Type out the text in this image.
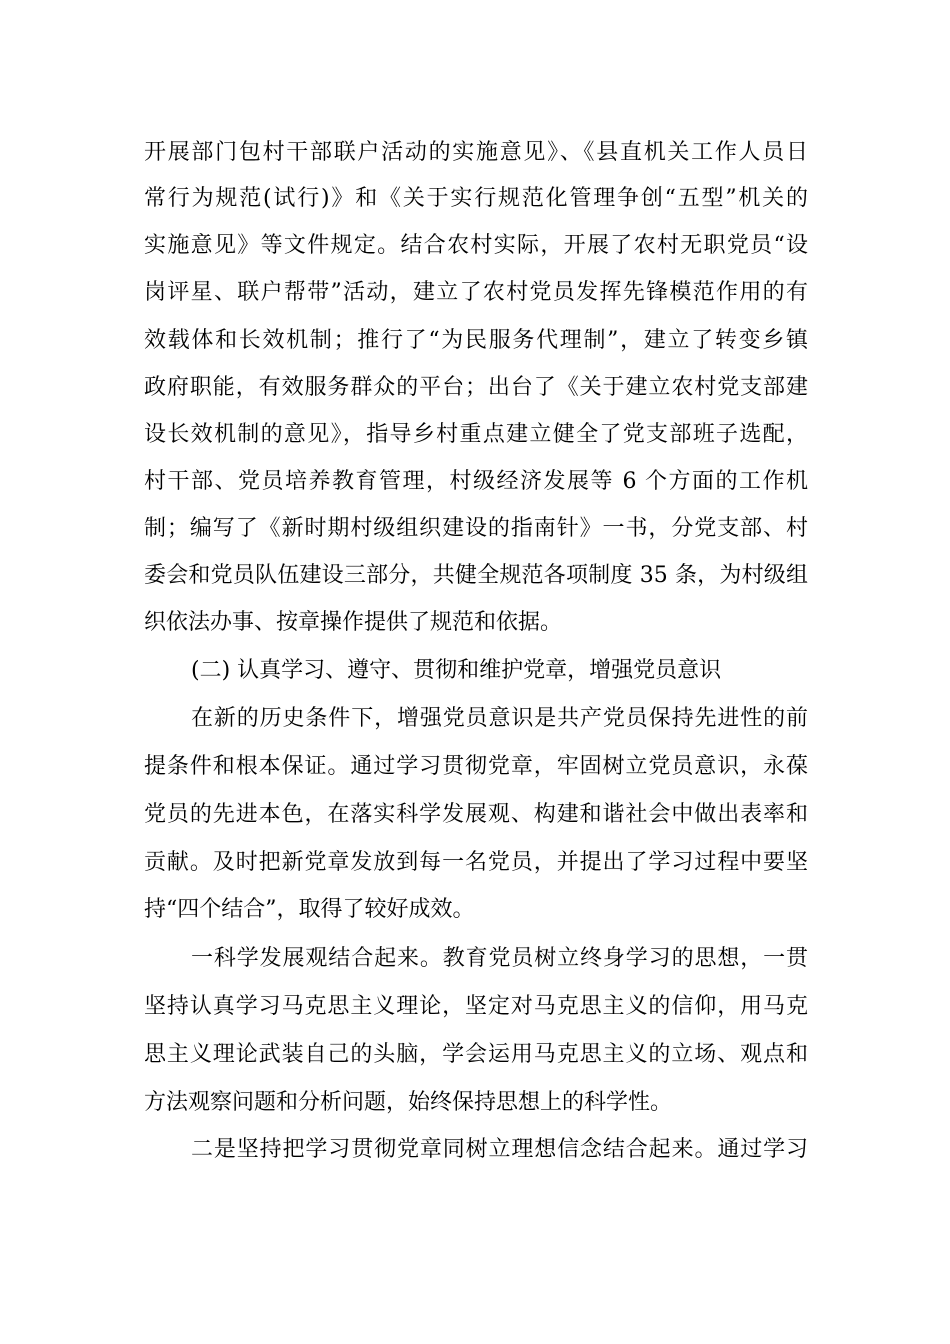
开展部门包村干部联户活动的实施意见》、《县直机关工作人员日
常行为规范(试行)》和《关于实行规范化管理争创“五型”机关的
实施意见》等文件规定。结合农村实际，开展了农村无职党员“设
岗评星、联户帮带”活动，建立了农村党员发挥先锋模范作用的有
效载体和长效机制；推行了“为民服务代理制”，建立了转变乡镇
政府职能，有效服务群众的平台；出台了《关于建立农村党支部建
设长效机制的意见》，指导乡村重点建立健全了党支部班子选配，
村干部、党员培养教育管理，村级经济发展等 6 个方面的工作机
制；编写了《新时期村级组织建设的指南针》一书，分党支部、村
委会和党员队伍建设三部分，共健全规范各项制度 35 条，为村级组
织依法办事、按章操作提供了规范和依据。
(二) 认真学习、遵守、贯彻和维护党章，增强党员意识
在新的历史条件下，增强党员意识是共产党员保持先进性的前
提条件和根本保证。通过学习贯彻党章，牢固树立党员意识，永葆
党员的先进本色，在落实科学发展观、构建和谐社会中做出表率和
贡献。及时把新党章发放到每一名党员，并提出了学习过程中要坚
持“四个结合”，取得了较好成效。
一科学发展观结合起来。教育党员树立终身学习的思想，一贯
坚持认真学习马克思主义理论，坚定对马克思主义的信仰，用马克
思主义理论武装自己的头脑，学会运用马克思主义的立场、观点和
方法观察问题和分析问题，始终保持思想上的科学性。
二是坚持把学习贯彻党章同树立理想信念结合起来。通过学习
